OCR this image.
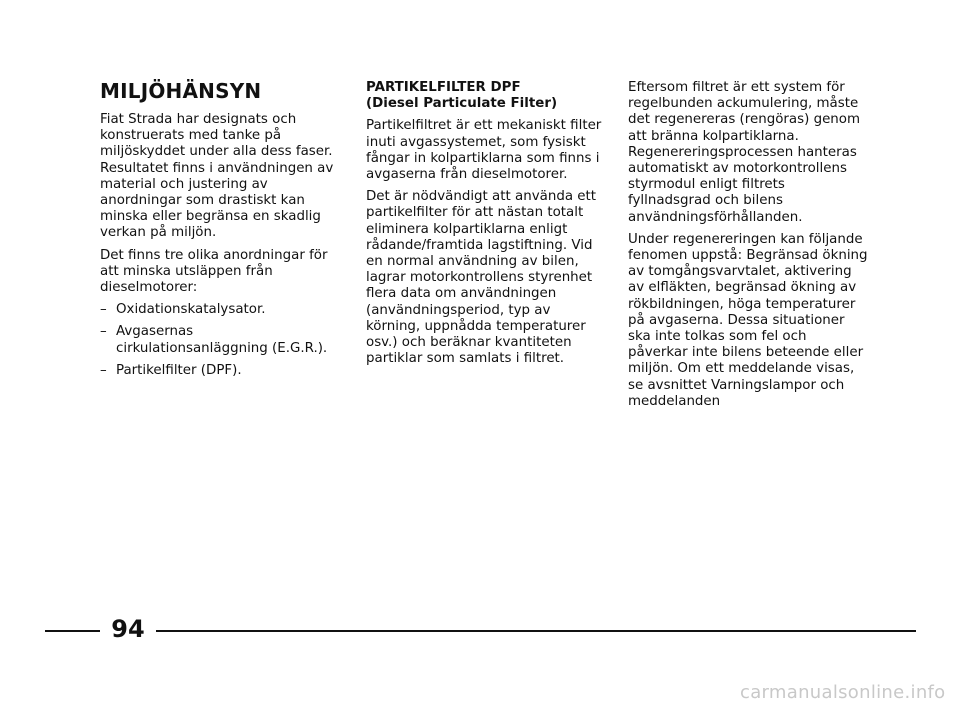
MILJÖHÄNSYN

Fiat Strada har designats och konstruerats med tanke på miljöskyddet under alla dess faser. Resultatet finns i användningen av material och justering av anordningar som drastiskt kan minska eller begränsa en skadlig verkan på miljön.

Det finns tre olika anordningar för att minska utsläppen från dieselmotorer:

– Oxidationskatalysator.
– Avgasernas cirkulationsanläggning (E.G.R.).
– Partikelfilter (DPF).
PARTIKELFILTER DPF
(Diesel Particulate Filter)

Partikelfiltret är ett mekaniskt filter inuti avgassystemet, som fysiskt fångar in kolpartiklarna som finns i avgaserna från dieselmotorer.

Det är nödvändigt att använda ett partikelfilter för att nästan totalt eliminera kolpartiklarna enligt rådande/framtida lagstiftning. Vid en normal användning av bilen, lagrar motorkontrollens styrenhet flera data om användningen (användningsperiod, typ av körning, uppnådda temperaturer osv.) och beräknar kvantiteten partiklar som samlats i filtret.

Eftersom filtret är ett system för regelbunden ackumulering, måste det regenereras (rengöras) genom att bränna kolpartiklarna. Regenereringsprocessen hanteras automatiskt av motorkontrollens styrmodul enligt filtrets fyllnadsgrad och bilens användningsförhållanden.

Under regenereringen kan följande fenomen uppstå: Begränsad ökning av tomgångsvarvtalet, aktivering av elfläkten, begränsad ökning av rökbildningen, höga temperaturer på avgaserna. Dessa situationer ska inte tolkas som fel och påverkar inte bilens beteende eller miljön. Om ett meddelande visas, se avsnittet Varningslampor och meddelanden

94
carmanualsonline.info
